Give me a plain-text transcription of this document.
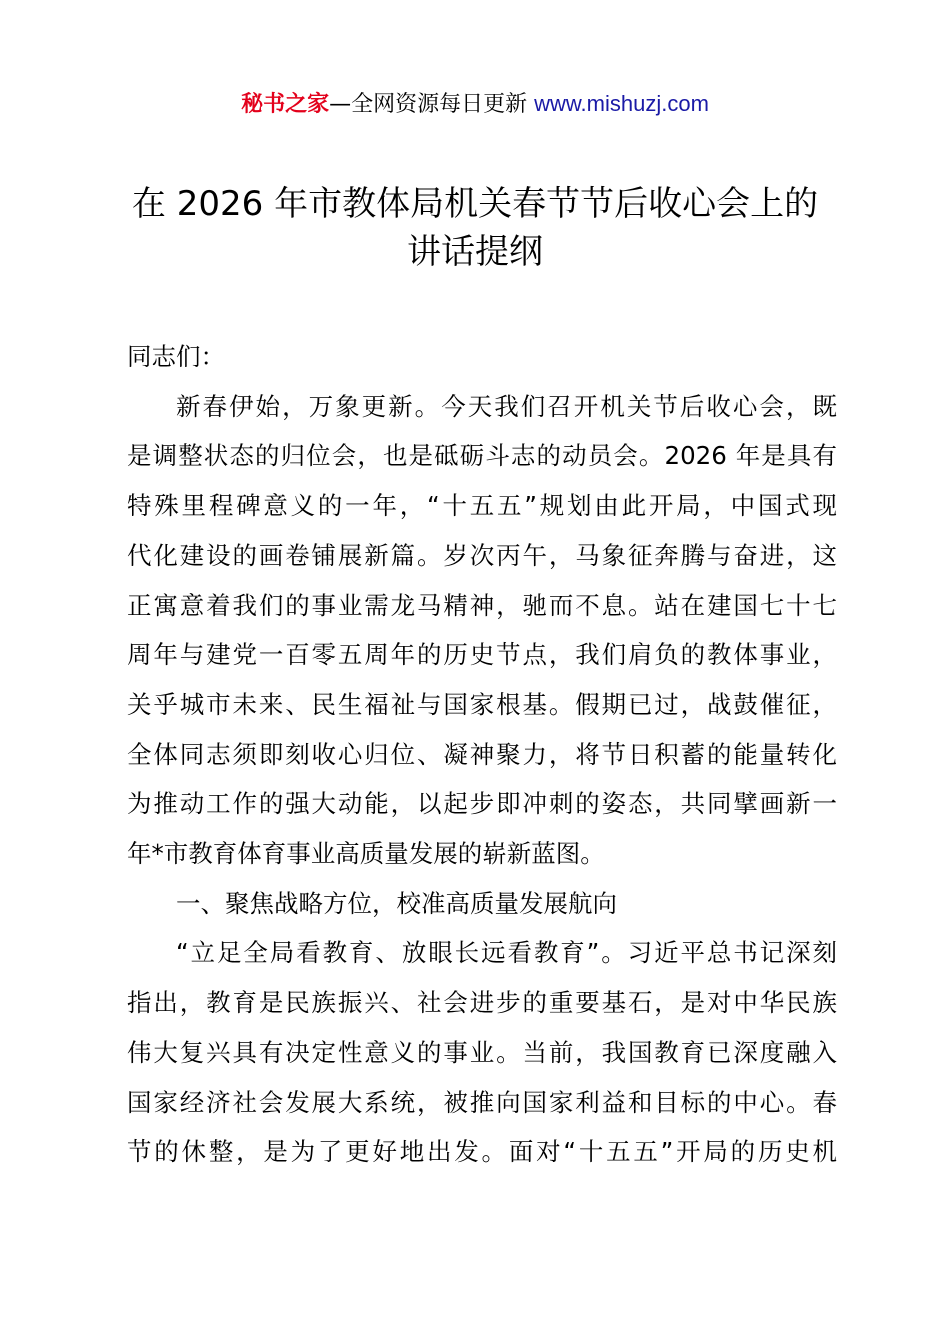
秘书之家—全网资源每日更新 www.mishuzj.com
在 2026 年市教体局机关春节节后收心会上的
讲话提纲

同志们：

新春伊始，万象更新。今天我们召开机关节后收心会，既
是调整状态的归位会，也是砥砺斗志的动员会。2026 年是具有
特殊里程碑意义的一年，“十五五”规划由此开局，中国式现
代化建设的画卷铺展新篇。岁次丙午，马象征奔腾与奋进，这
正寓意着我们的事业需龙马精神，驰而不息。站在建国七十七
周年与建党一百零五周年的历史节点，我们肩负的教体事业，
关乎城市未来、民生福祉与国家根基。假期已过，战鼓催征，
全体同志须即刻收心归位、凝神聚力，将节日积蓄的能量转化
为推动工作的强大动能，以起步即冲刺的姿态，共同擘画新一
年*市教育体育事业高质量发展的崭新蓝图。

一、聚焦战略方位，校准高质量发展航向

“立足全局看教育、放眼长远看教育”。习近平总书记深刻
指出，教育是民族振兴、社会进步的重要基石，是对中华民族
伟大复兴具有决定性意义的事业。当前，我国教育已深度融入
国家经济社会发展大系统，被推向国家利益和目标的中心。春
节的休整，是为了更好地出发。面对“十五五”开局的历史机
